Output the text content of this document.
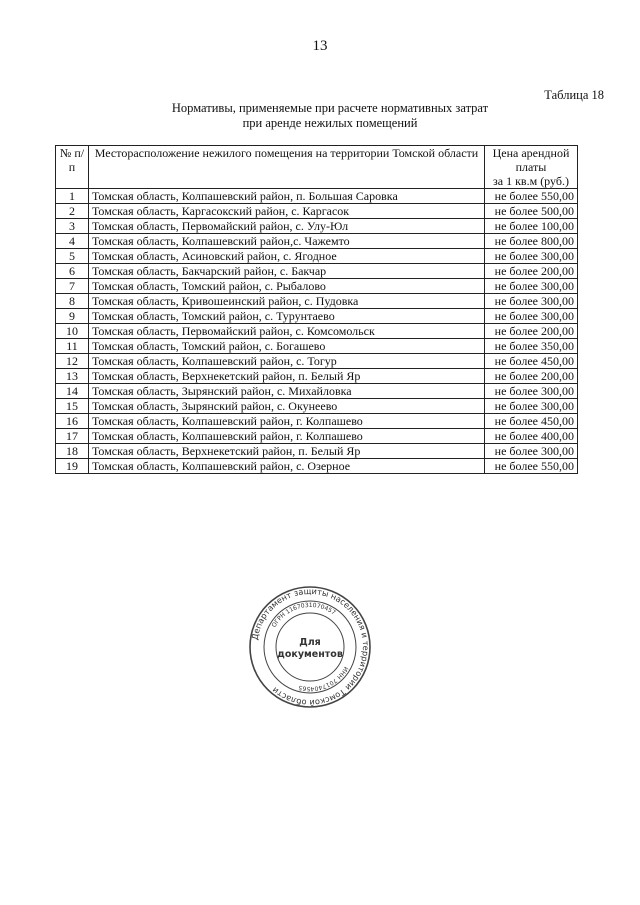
13
Таблица 18
Нормативы, применяемые при расчете нормативных затрат
при аренде нежилых помещений
№ п/п	Месторасположение нежилого помещения на территории Томской области	Цена арендной платы
за 1 кв.м (руб.)
1	Томская область, Колпашевский район, п. Большая Саровка	не более 550,00
2	Томская область, Каргасокский район, с. Каргасок	не более 500,00
3	Томская область, Первомайский район, с. Улу-Юл	не более 100,00
4	Томская область, Колпашевский район,с. Чажемто	не более 800,00
5	Томская область, Асиновский район, с. Ягодное	не более 300,00
6	Томская область, Бакчарский район, с. Бакчар	не более 200,00
7	Томская область, Томский район, с. Рыбалово	не более 300,00
8	Томская область, Кривошеинский район, с. Пудовка	не более 300,00
9	Томская область, Томский район, с. Турунтаево	не более 300,00
10	Томская область, Первомайский район, с. Комсомольск	не более 200,00
11	Томская область, Томский район, с. Богашево	не более 350,00
12	Томская область, Колпашевский район, с. Тогур	не более 450,00
13	Томская область, Верхнекетский район, п. Белый Яр	не более 200,00
14	Томская область, Зырянский район, с. Михайловка	не более 300,00
15	Томская область, Зырянский район, с. Окунеево	не более 300,00
16	Томская область, Колпашевский район, г. Колпашево	не более 450,00
17	Томская область, Колпашевский район, г. Колпашево	не более 400,00
18	Томская область, Верхнекетский район, п. Белый Яр	не более 300,00
19	Томская область, Колпашевский район, с. Озерное	не более 550,00
Департамент защиты населения и территории Томской области
ОГРН 1167031070457
ИНН 7017404565
Для
документов
